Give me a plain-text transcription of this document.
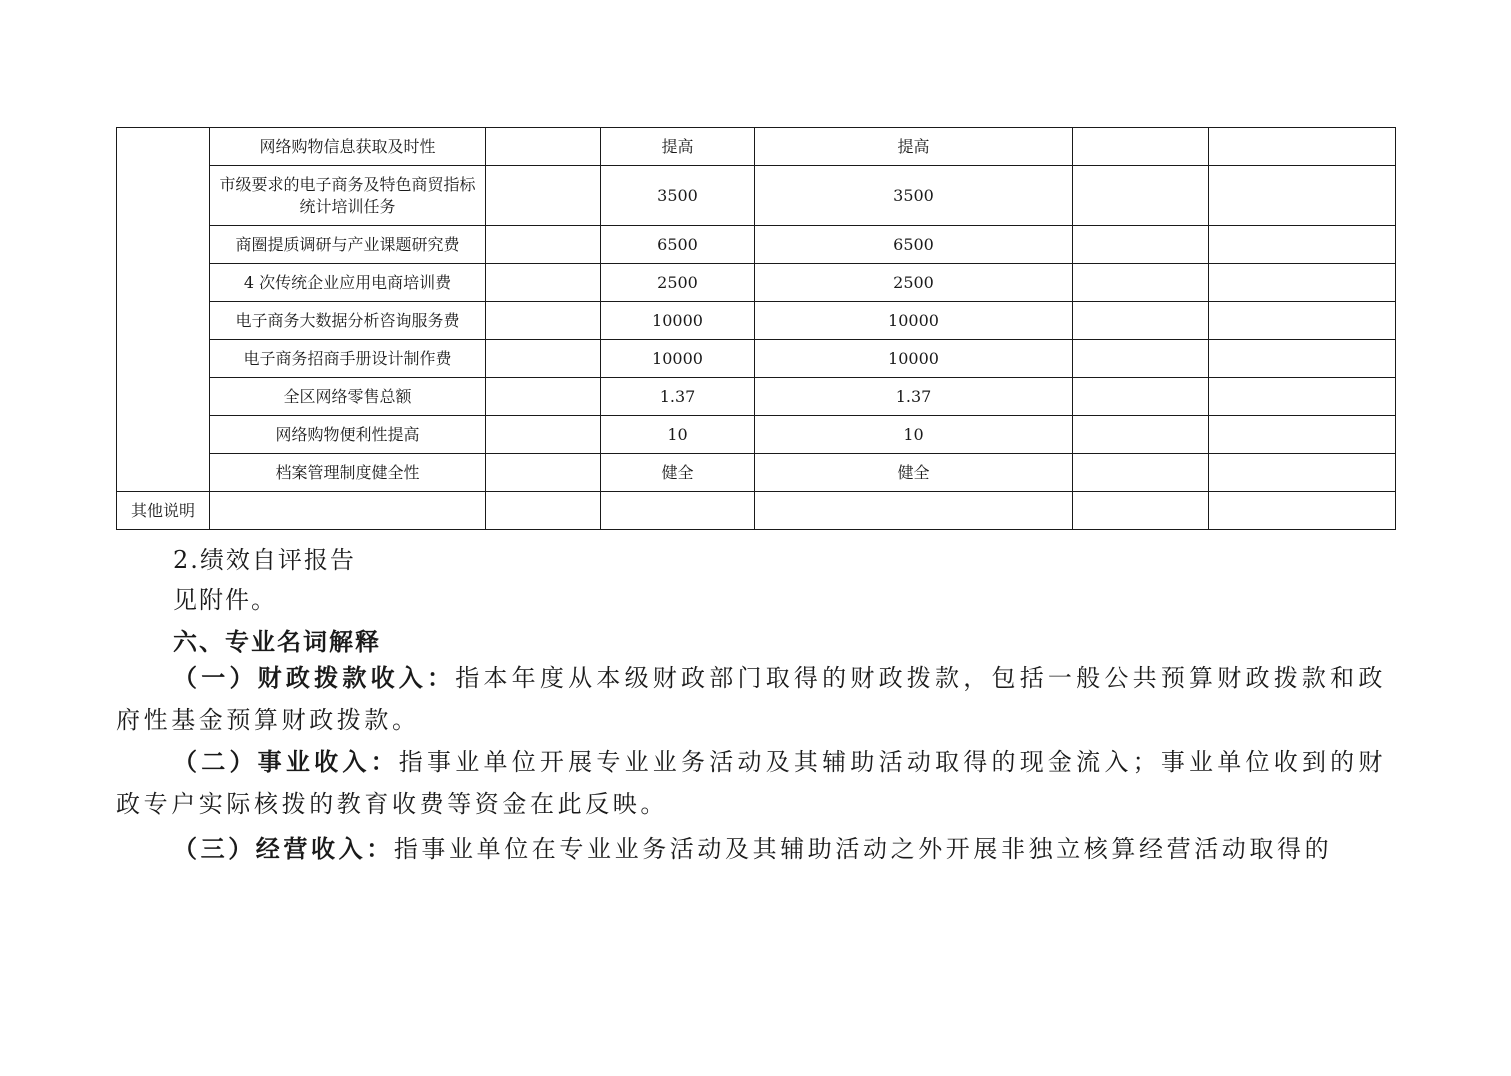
	网络购物信息获取及时性		提高	提高		
	市级要求的电子商务及特色商贸指标统计培训任务		3500	3500		
	商圈提质调研与产业课题研究费		6500	6500		
	4 次传统企业应用电商培训费		2500	2500		
	电子商务大数据分析咨询服务费		10000	10000		
	电子商务招商手册设计制作费		10000	10000		
	全区网络零售总额		1.37	1.37		
	网络购物便利性提高		10	10		
	档案管理制度健全性		健全	健全		
其他说明						
2.绩效自评报告
见附件。
六、专业名词解释

（一）财政拨款收入：指本年度从本级财政部门取得的财政拨款，包括一般公共预算财政拨款和政府性基金预算财政拨款。

（二）事业收入：指事业单位开展专业业务活动及其辅助活动取得的现金流入；事业单位收到的财政专户实际核拨的教育收费等资金在此反映。

（三）经营收入：指事业单位在专业业务活动及其辅助活动之外开展非独立核算经营活动取得的
